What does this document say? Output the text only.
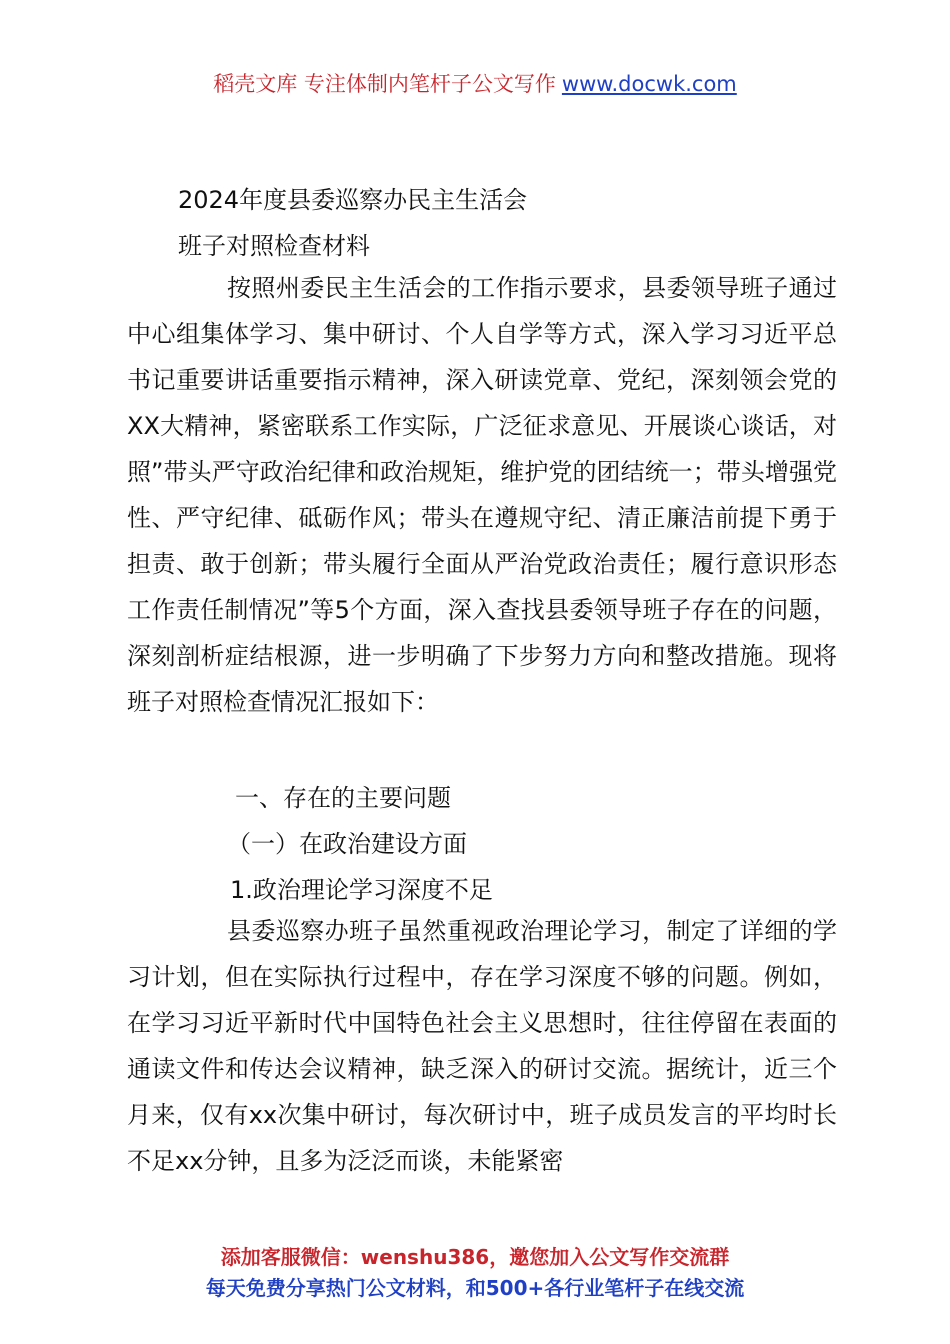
稻壳文库 专注体制内笔杆子公文写作 www.docwk.com
2024年度县委巡察办民主生活会
班子对照检查材料

按照州委民主生活会的工作指示要求，县委领导班子通过中心组集体学习、集中研讨、个人自学等方式，深入学习习近平总书记重要讲话重要指示精神，深入研读党章、党纪，深刻领会党的XX大精神，紧密联系工作实际，广泛征求意见、开展谈心谈话，对照”带头严守政治纪律和政治规矩，维护党的团结统一；带头增强党性、严守纪律、砥砺作风；带头在遵规守纪、清正廉洁前提下勇于担责、敢于创新；带头履行全面从严治党政治责任；履行意识形态工作责任制情况”等5个方面，深入查找县委领导班子存在的问题，深刻剖析症结根源，进一步明确了下步努力方向和整改措施。现将班子对照检查情况汇报如下：

一、存在的主要问题
（一）在政治建设方面
1.政治理论学习深度不足

县委巡察办班子虽然重视政治理论学习，制定了详细的学习计划，但在实际执行过程中，存在学习深度不够的问题。例如，在学习习近平新时代中国特色社会主义思想时，往往停留在表面的通读文件和传达会议精神，缺乏深入的研讨交流。据统计，近三个月来，仅有xx次集中研讨，每次研讨中，班子成员发言的平均时长不足xx分钟，且多为泛泛而谈，未能紧密

添加客服微信：wenshu386，邀您加入公文写作交流群
每天免费分享热门公文材料，和500+各行业笔杆子在线交流
